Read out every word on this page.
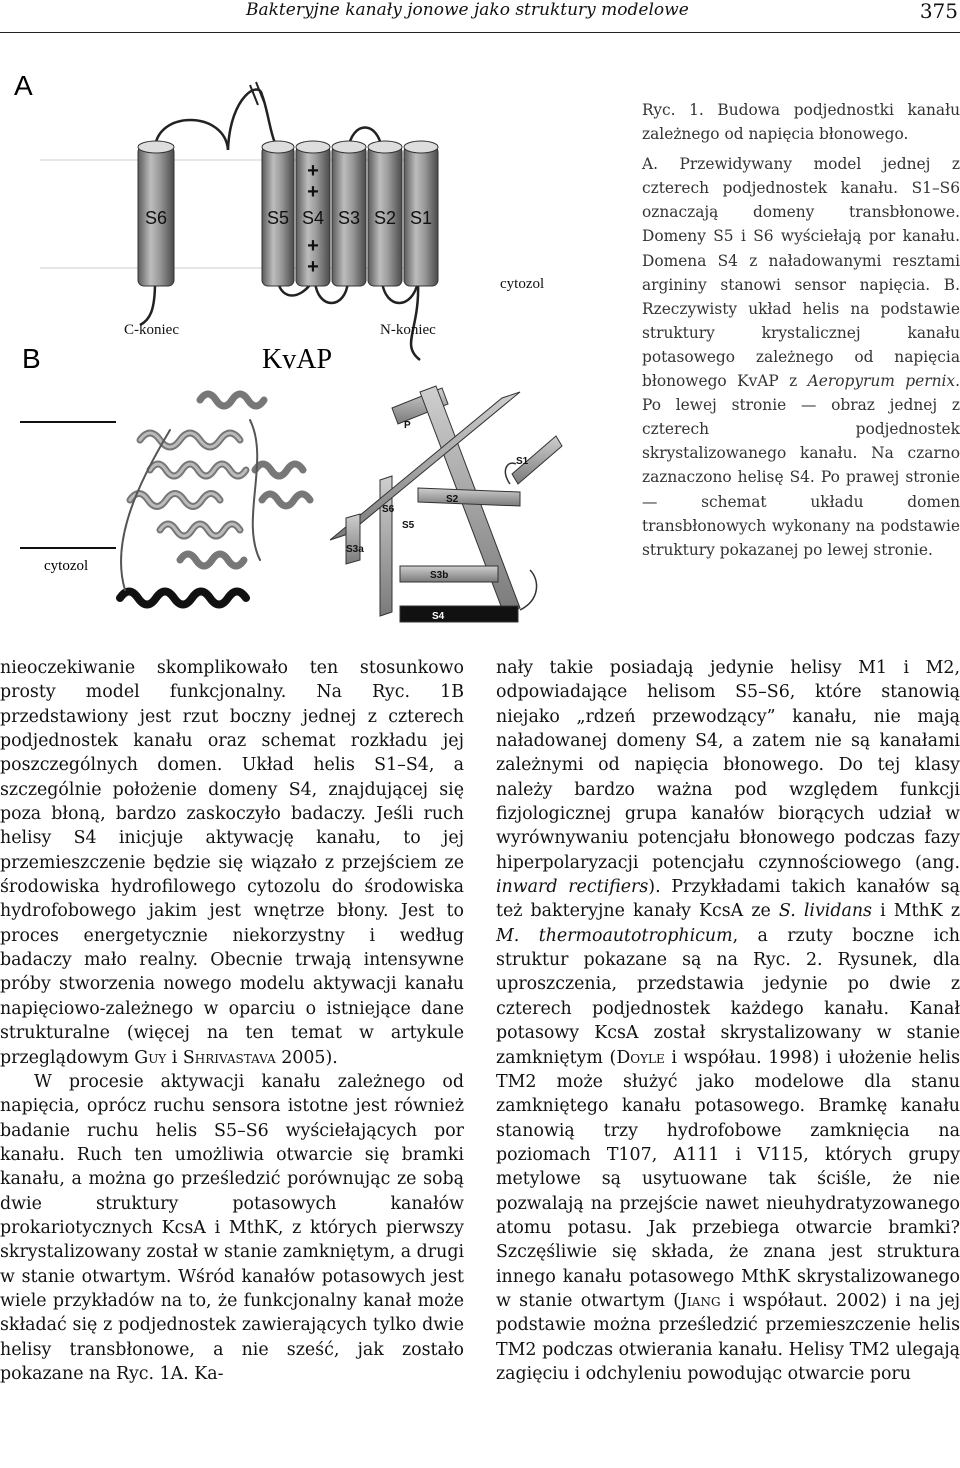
Bakteryjne kanały jonowe jako struktury modelowe	375
A
S6	S5 S4 S3 S2 S1
+
+
+
+
C-koniec	N-koniec
cytozol
B	KvAP
cytozol
P
S1
S2
S6
S5
S3a
S3b
S4

Ryc. 1. Budowa podjednostki kanału zależnego od napięcia błonowego.

A. Przewidywany model jednej z czterech podjednostek kanału. S1–S6 oznaczają domeny transbłonowe. Domeny S5 i S6 wyściełają por kanału. Domena S4 z naładowanymi resztami argininy stanowi sensor napięcia. B. Rzeczywisty układ helis na podstawie struktury krystalicznej kanału potasowego zależnego od napięcia błonowego KvAP z Aeropyrum pernix. Po lewej stronie — obraz jednej z czterech podjednostek skrystalizowanego kanału. Na czarno zaznaczono helisę S4. Po prawej stronie — schemat układu domen transbłonowych wykonany na podstawie struktury pokazanej po lewej stronie.

nieoczekiwanie skomplikowało ten stosunkowo prosty model funkcjonalny. Na Ryc. 1B przedstawiony jest rzut boczny jednej z czterech podjednostek kanału oraz schemat rozkładu jej poszczególnych domen. Układ helis S1–S4, a szczególnie położenie domeny S4, znajdującej się poza błoną, bardzo zaskoczyło badaczy. Jeśli ruch helisy S4 inicjuje aktywację kanału, to jej przemieszczenie będzie się wiązało z przejściem ze środowiska hydrofilowego cytozolu do środowiska hydrofobowego jakim jest wnętrze błony. Jest to proces energetycznie niekorzystny i według badaczy mało realny. Obecnie trwają intensywne próby stworzenia nowego modelu aktywacji kanału napięciowo-zależnego w oparciu o istniejące dane strukturalne (więcej na ten temat w artykule przeglądowym Guy i Shrivastava 2005).

W procesie aktywacji kanału zależnego od napięcia, oprócz ruchu sensora istotne jest również badanie ruchu helis S5–S6 wyściełających por kanału. Ruch ten umożliwia otwarcie się bramki kanału, a można go prześledzić porównując ze sobą dwie struktury potasowych kanałów prokariotycznych KcsA i MthK, z których pierwszy skrystalizowany został w stanie zamkniętym, a drugi w stanie otwartym. Wśród kanałów potasowych jest wiele przykładów na to, że funkcjonalny kanał może składać się z podjednostek zawierających tylko dwie helisy transbłonowe, a nie sześć, jak zostało pokazane na Ryc. 1A. Ka-

nały takie posiadają jedynie helisy M1 i M2, odpowiadające helisom S5–S6, które stanowią niejako „rdzeń przewodzący” kanału, nie mają naładowanej domeny S4, a zatem nie są kanałami zależnymi od napięcia błonowego. Do tej klasy należy bardzo ważna pod względem funkcji fizjologicznej grupa kanałów biorących udział w wyrównywaniu potencjału błonowego podczas fazy hiperpolaryzacji potencjału czynnościowego (ang. inward rectifiers). Przykładami takich kanałów są też bakteryjne kanały KcsA ze S. lividans i MthK z M. thermoautotrophicum, a rzuty boczne ich struktur pokazane są na Ryc. 2. Rysunek, dla uproszczenia, przedstawia jedynie po dwie z czterech podjednostek każdego kanału. Kanał potasowy KcsA został skrystalizowany w stanie zamkniętym (Doyle i współau. 1998) i ułożenie helis TM2 może służyć jako modelowe dla stanu zamkniętego kanału potasowego. Bramkę kanału stanowią trzy hydrofobowe zamknięcia na poziomach T107, A111 i V115, których grupy metylowe są usytuowane tak ściśle, że nie pozwalają na przejście nawet nieuhydratyzowanego atomu potasu. Jak przebiega otwarcie bramki? Szczęśliwie się składa, że znana jest struktura innego kanału potasowego MthK skrystalizowanego w stanie otwartym (Jiang i współaut. 2002) i na jej podstawie można prześledzić przemieszczenie helis TM2 podczas otwierania kanału. Helisy TM2 ulegają zagięciu i odchyleniu powodując otwarcie poru
